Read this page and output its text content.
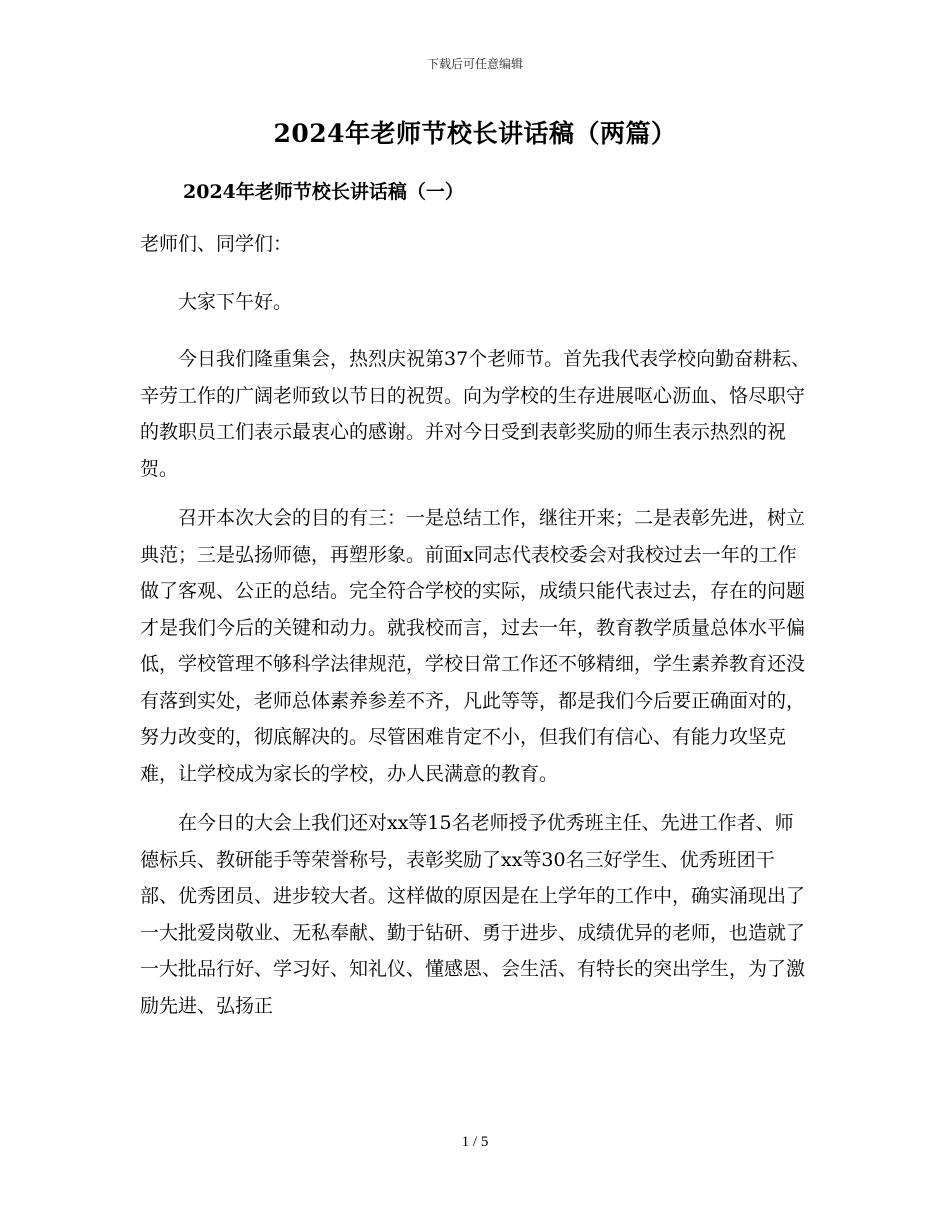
下载后可任意编辑
2024年老师节校长讲话稿（两篇）
2024年老师节校长讲话稿（一）

老师们、同学们：

大家下午好。

今日我们隆重集会，热烈庆祝第37个老师节。首先我代表学校向勤奋耕耘、辛劳工作的广阔老师致以节日的祝贺。向为学校的生存进展呕心沥血、恪尽职守的教职员工们表示最衷心的感谢。并对今日受到表彰奖励的师生表示热烈的祝贺。

召开本次大会的目的有三：一是总结工作，继往开来；二是表彰先进，树立典范；三是弘扬师德，再塑形象。前面x同志代表校委会对我校过去一年的工作做了客观、公正的总结。完全符合学校的实际，成绩只能代表过去，存在的问题才是我们今后的关键和动力。就我校而言，过去一年，教育教学质量总体水平偏低，学校管理不够科学法律规范，学校日常工作还不够精细，学生素养教育还没有落到实处，老师总体素养参差不齐，凡此等等，都是我们今后要正确面对的，努力改变的，彻底解决的。尽管困难肯定不小，但我们有信心、有能力攻坚克难，让学校成为家长的学校，办人民满意的教育。

在今日的大会上我们还对xx等15名老师授予优秀班主任、先进工作者、师德标兵、教研能手等荣誉称号，表彰奖励了xx等30名三好学生、优秀班团干部、优秀团员、进步较大者。这样做的原因是在上学年的工作中，确实涌现出了一大批爱岗敬业、无私奉献、勤于钻研、勇于进步、成绩优异的老师，也造就了一大批品行好、学习好、知礼仪、懂感恩、会生活、有特长的突出学生，为了激励先进、弘扬正

1 / 5
